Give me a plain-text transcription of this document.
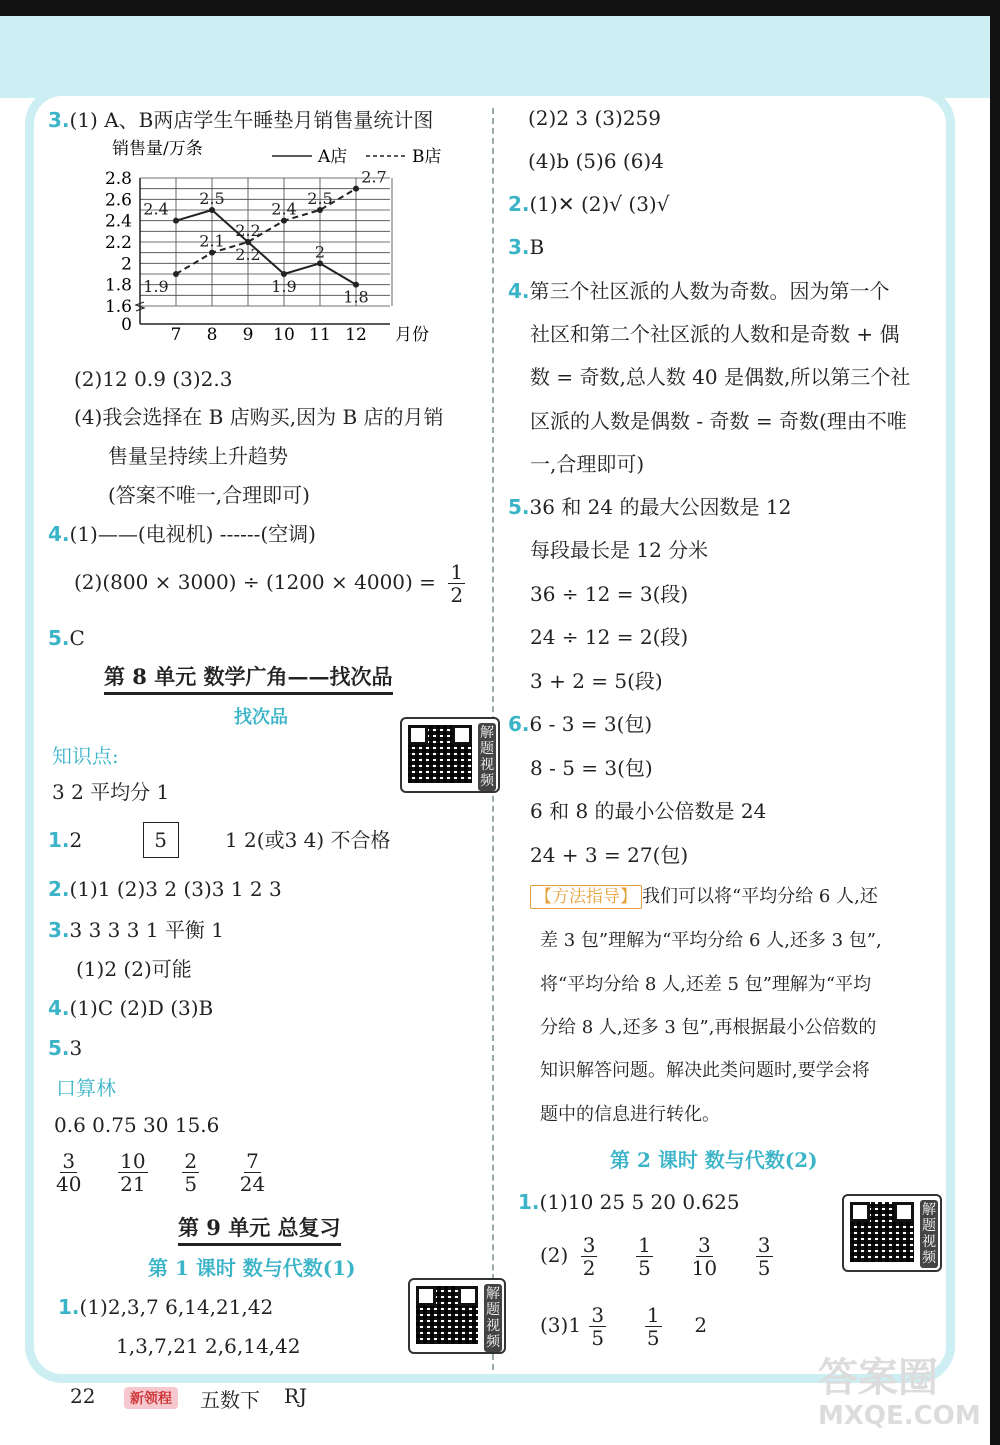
3.(1) A、B两店学生午睡垫月销售量统计图
销售量/万条	A店	B店
0
1.6
1.8
2
2.2
2.4
2.6
2.8
7 8 9 10 11 12
2.4
2.5
2.2
1.9
2
1.8
1.9
2.1
2.2
2.4
2.5
2.7
月份
(2)12 0.9 (3)2.3
(4)我会选择在 B 店购买,因为 B 店的月销
售量呈持续上升趋势
(答案不唯一,合理即可)
4.(1)——(电视机) ------(空调)
$(2)(800 \times 3000) \div (1200 \times 4000) = \frac{1}{2}$
5.C
第 8 单元 数学广角——找次品
找次品
解题视频
知识点:
3 2 平均分 1
1.2	5	1 2(或3 4) 不合格
2.(1)1 (2)3 2 (3)3 1 2 3
3.3 3 3 3 1 平衡 1
(1)2 (2)可能
4.(1)C (2)D (3)B
5.3
口算林
0.6 0.75 30 15.6
$\frac{3}{40}$
$\frac{10}{21}$
$\frac{2}{5}$
$\frac{7}{24}$
第 9 单元 总复习
第 1 课时 数与代数(1)
解题视频
1.(1)2,3,7 6,14,21,42
1,3,7,21 2,6,14,42
(2)2 3 (3)259
(4)b (5)6 (6)4
2.(1)✕ (2)√ (3)√
3.B
4.第三个社区派的人数为奇数。因为第一个
社区和第二个社区派的人数和是奇数 + 偶
数 = 奇数,总人数 40 是偶数,所以第三个社
区派的人数是偶数 - 奇数 = 奇数(理由不唯
一,合理即可)
5.36 和 24 的最大公因数是 12
每段最长是 12 分米
36 ÷ 12 = 3(段)
24 ÷ 12 = 2(段)
3 + 2 = 5(段)
6.6 - 3 = 3(包)
8 - 5 = 3(包)
6 和 8 的最小公倍数是 24
24 + 3 = 27(包)
【方法指导】 我们可以将“平均分给 6 人,还
差 3 包”理解为“平均分给 6 人,还多 3 包”,
将“平均分给 8 人,还差 5 包”理解为“平均
分给 8 人,还多 3 包”,再根据最小公倍数的
知识解答问题。解决此类问题时,要学会将
题中的信息进行转化。
第 2 课时 数与代数(2)
解题视频
1.(1)10 25 5 20 0.625
$(2) \frac{3}{2}$
$\frac{1}{5}$
$\frac{3}{10}$
$\frac{3}{5}$
$(3)1 \frac{3}{5}$
$\frac{1}{5} 2$
22	新领程	五数下 RJ	答案圈
MXQE.COM
